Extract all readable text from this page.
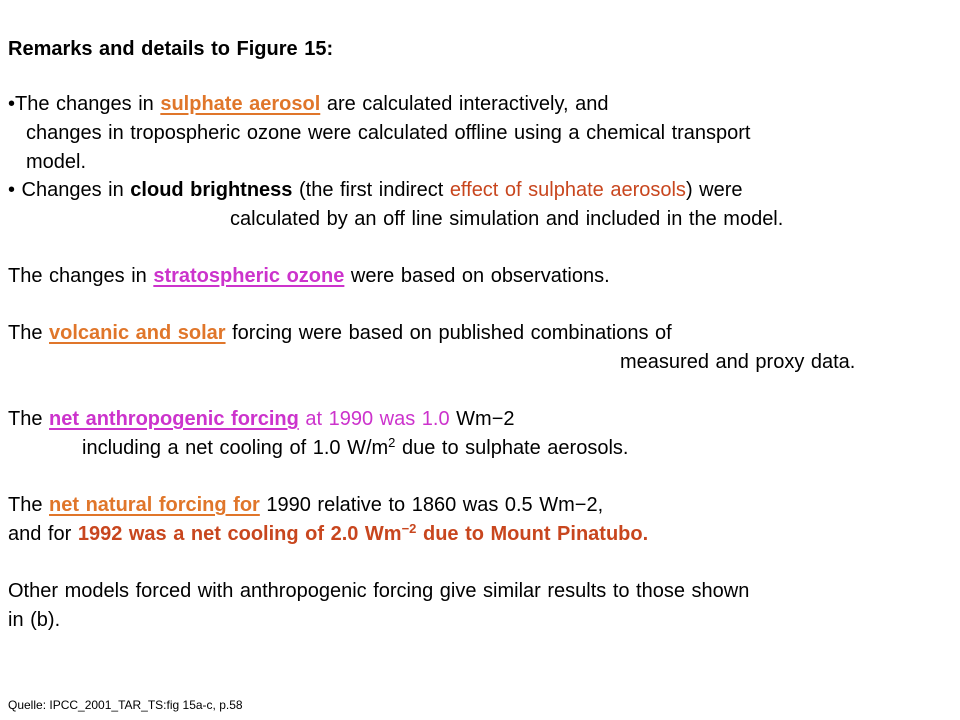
Remarks and details to Figure 15:
•The changes in sulphate aerosol are calculated interactively, and
changes in tropospheric ozone were calculated offline using a chemical transport
model.
• Changes in cloud brightness (the first indirect effect of sulphate aerosols) were
calculated by an off line simulation and included in the model.
The changes in stratospheric ozone were based on observations.
The volcanic and solar forcing were based on published combinations of
measured and proxy data.
The net anthropogenic forcing at 1990 was 1.0 Wm−2
including a net cooling of 1.0 $W/m^2$ due to sulphate aerosols.
The net natural forcing for 1990 relative to 1860 was 0.5 Wm−2,
and for 1992 was a net cooling of 2.0 $Wm^{-2}$ due to Mount Pinatubo.
Other models forced with anthropogenic forcing give similar results to those shown
in (b).
Quelle: IPCC_2001_TAR_TS:fig 15a-c, p.58
